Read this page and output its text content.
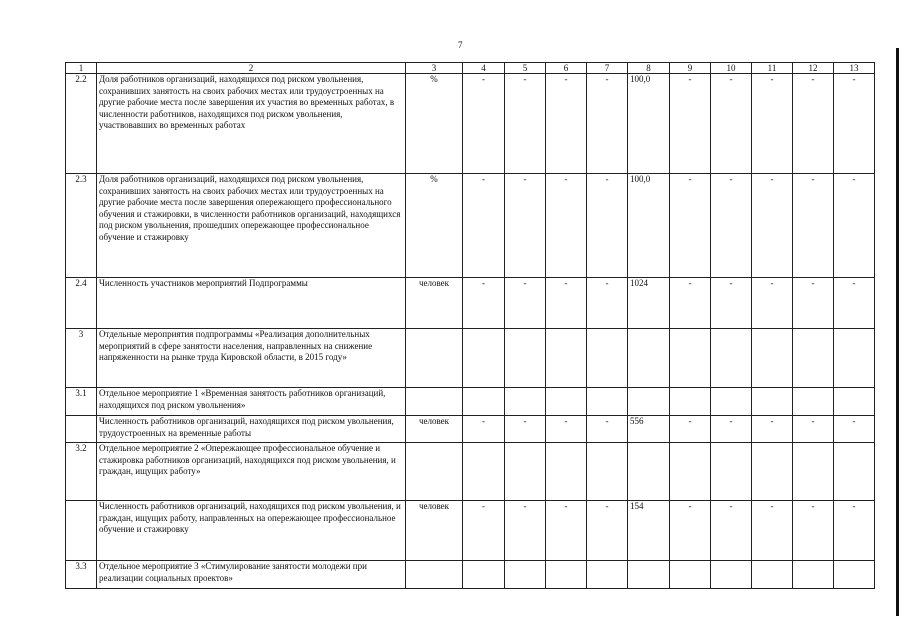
7
1	2	3	4	5	6	7	8	9	10	11	12	13
2.2	Доля работников организаций, находящихся под риском увольнения, сохранивших занятость на своих рабочих местах или трудоустроенных на другие рабочие места после завершения их участия во временных работах, в численности работников, находящихся под риском увольнения, участвовавших во временных работах	%	-	-	-	-	100,0	-	-	-	-	-
2.3	Доля работников организаций, находящихся под риском увольнения, сохранивших занятость на своих рабочих местах или трудоустроенных на другие рабочие места после завершения опережающего профессионального обучения и стажировки, в численности работников организаций, находящихся под риском увольнения, прошедших опережающее профессиональное обучение и стажировку	%	-	-	-	-	100,0	-	-	-	-	-
2.4	Численность участников мероприятий Подпрограммы	человек	-	-	-	-	1024	-	-	-	-	-
3	Отдельные мероприятия подпрограммы «Реализация дополнительных мероприятий в сфере занятости населения, направленных на снижение напряженности на рынке труда Кировской области, в 2015 году»											
3.1	Отдельное мероприятие 1 «Временная занятость работников организаций, находящихся под риском увольнения»											
	Численность работников организаций, находящихся под риском увольнения, трудоустроенных на временные работы	человек	-	-	-	-	556	-	-	-	-	-
3.2	Отдельное мероприятие 2 «Опережающее профессиональное обучение и стажировка работников организаций, находящихся под риском увольнения, и граждан, ищущих работу»											
	Численность работников организаций, находящихся под риском увольнения, и граждан, ищущих работу, направленных на опережающее профессиональное обучение и стажировку	человек	-	-	-	-	154	-	-	-	-	-
3.3	Отдельное мероприятие 3 «Стимулирование занятости молодежи при реализации социальных проектов»											
